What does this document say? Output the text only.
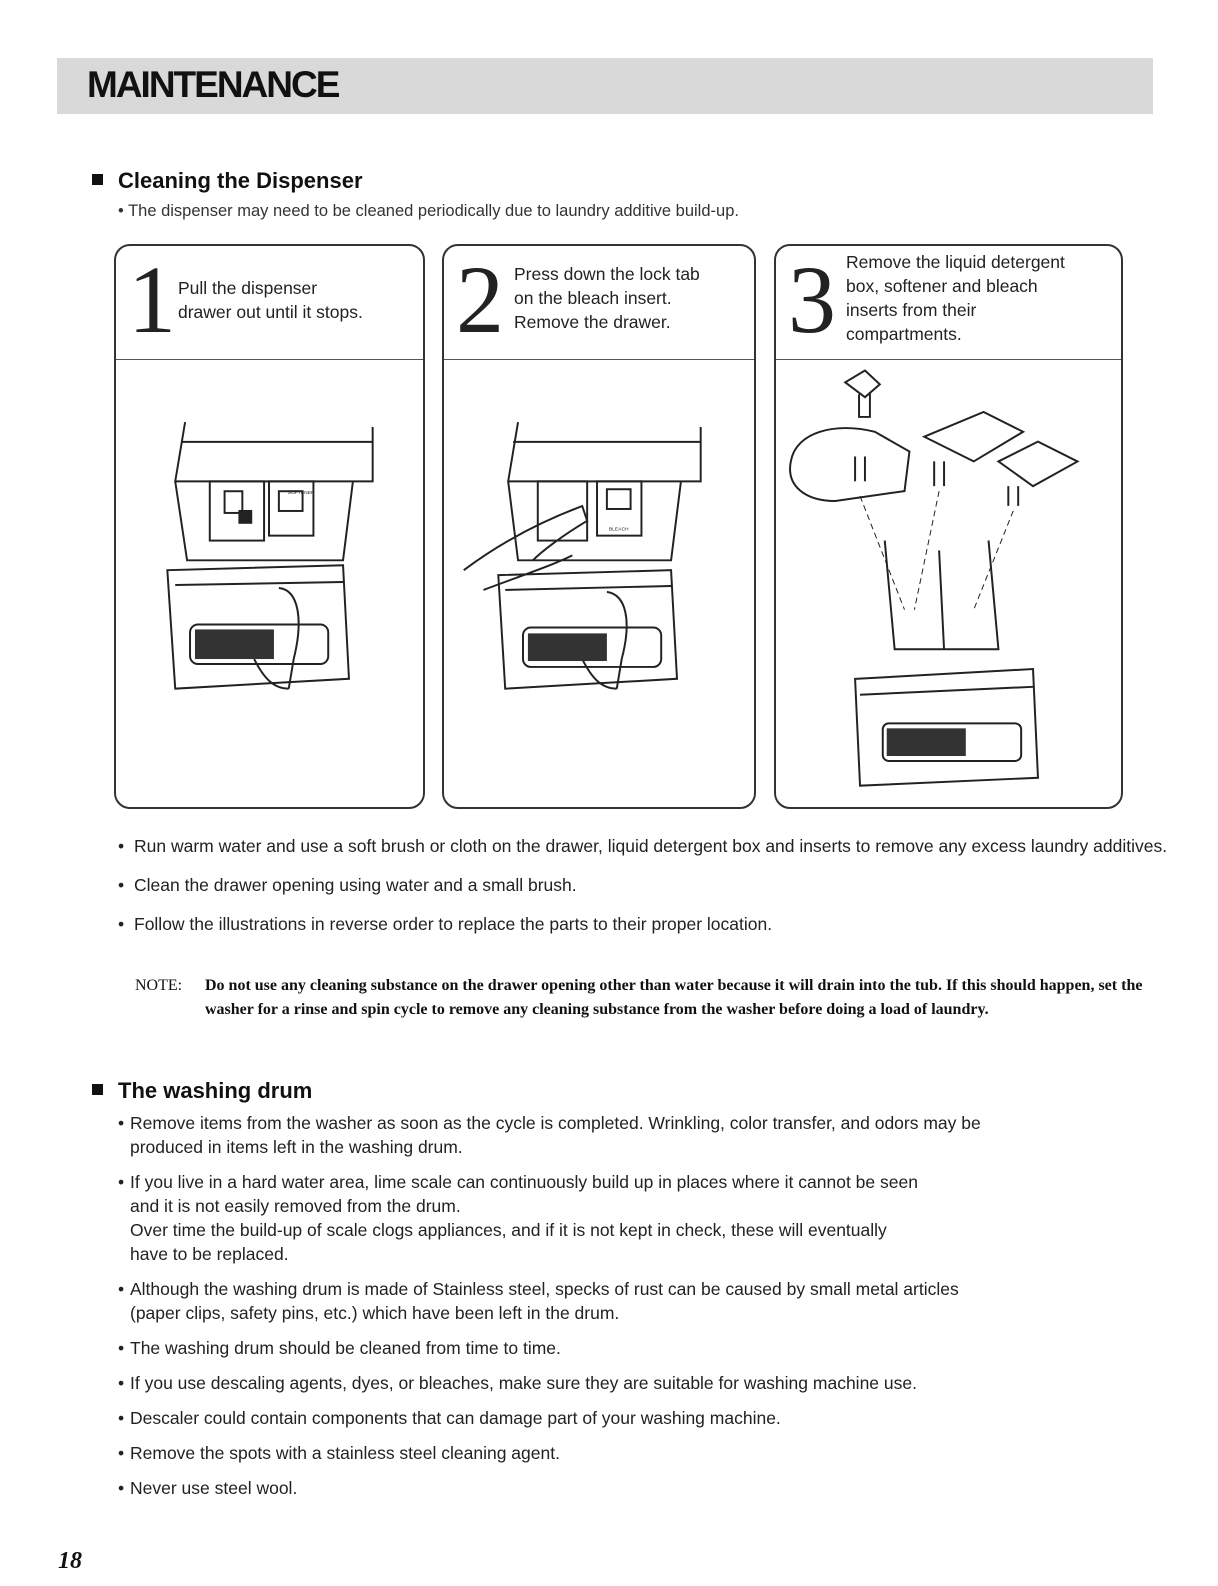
MAINTENANCE
Cleaning the Dispenser
• The dispenser may need to be cleaned periodically due to laundry additive build-up.
1 Pull the dispenser
drawer out until it stops.
SOFTENER
2 Press down the lock tab
on the bleach insert.
Remove the drawer.
BLEACH
3 Remove the liquid detergent
box, softener and bleach
inserts from their
compartments.
• Run warm water and use a soft brush or cloth on the drawer, liquid detergent box and inserts to remove any excess laundry additives.
• Clean the drawer opening using water and a small brush.
• Follow the illustrations in reverse order to replace the parts to their proper location.
NOTE: Do not use any cleaning substance on the drawer opening other than water because it will drain into the tub. If this should happen, set the washer for a rinse and spin cycle to remove any cleaning substance from the washer before doing a load of laundry.
The washing drum
• Remove items from the washer as soon as the cycle is completed. Wrinkling, color transfer, and odors may be
produced in items left in the washing drum.
• If you live in a hard water area, lime scale can continuously build up in places where it cannot be seen
and it is not easily removed from the drum.
Over time the build-up of scale clogs appliances, and if it is not kept in check, these will eventually
have to be replaced.
• Although the washing drum is made of Stainless steel, specks of rust can be caused by small metal articles
(paper clips, safety pins, etc.) which have been left in the drum.
• The washing drum should be cleaned from time to time.
• If you use descaling agents, dyes, or bleaches, make sure they are suitable for washing machine use.
• Descaler could contain components that can damage part of your washing machine.
• Remove the spots with a stainless steel cleaning agent.
• Never use steel wool.
18
